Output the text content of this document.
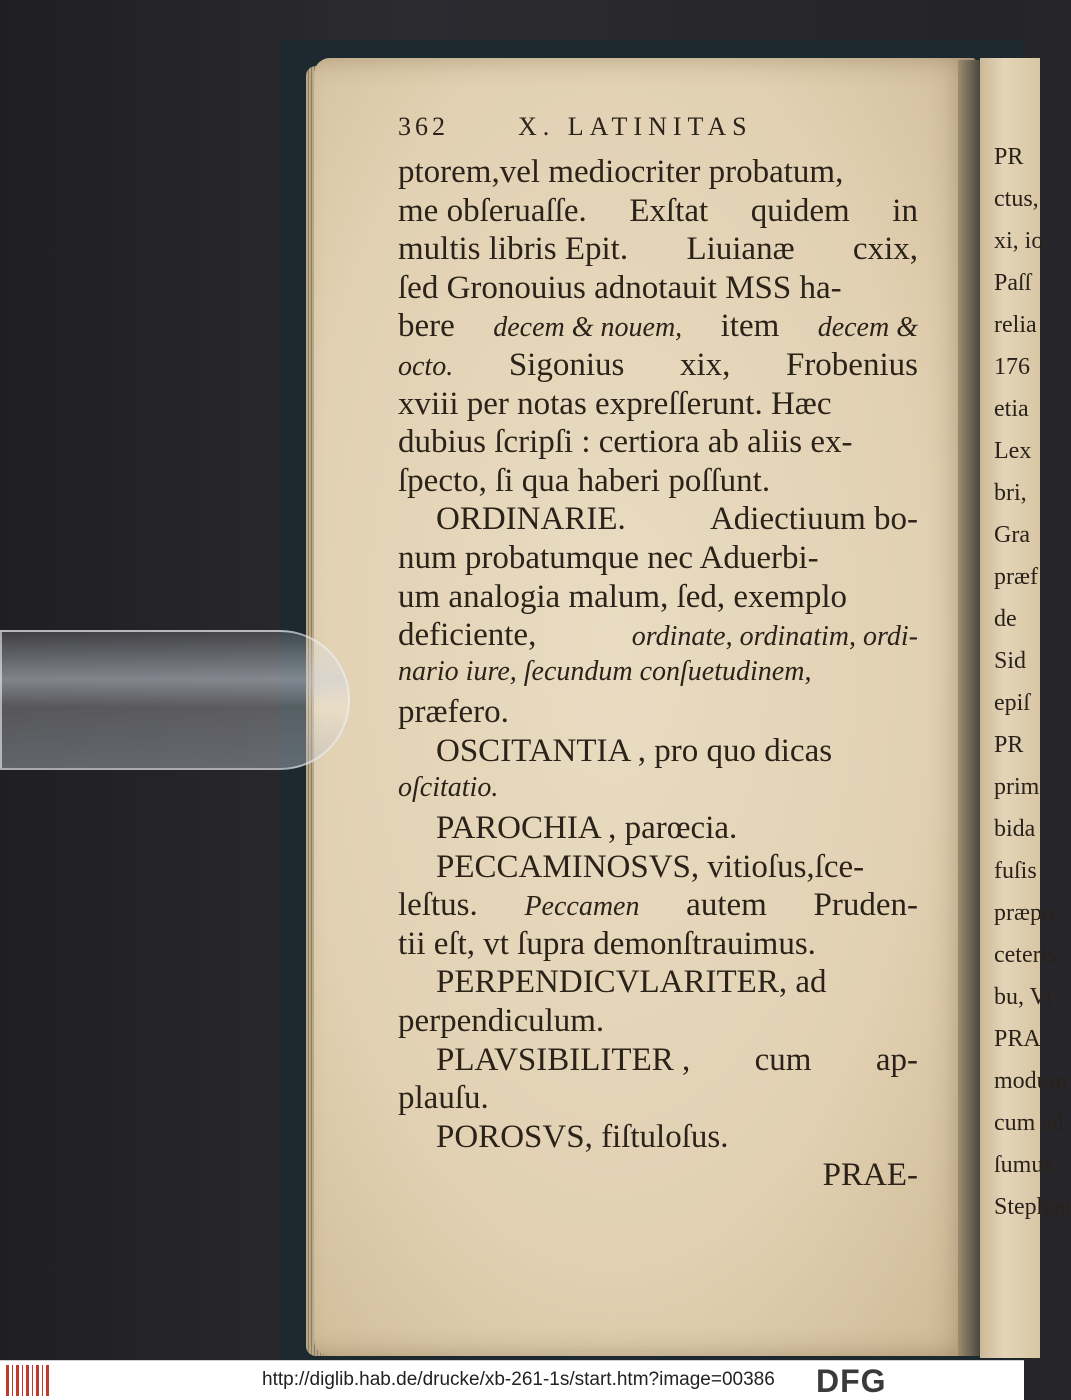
PR
ctus,
xi, io
Paſſ
relia
176
etia
Lex
bri,
Gra
præf
de
Sid
epiſ
PR
prim
bida
fuſis
præpo
ceteris
bu, Vi
PRA
modum
cum ad
ſumus
Stephan
362	X. LATINITAS
ptorem,vel mediocriter probatum,
me obſeruaſſe. Exſtat quidem in
multis libris Epit. Liuianæ cxix,
ſed Gronouius adnotauit MSS ha-
bere decem & nouem, item decem &
octo. Sigonius xix, Frobenius
xviii per notas expreſſerunt. Hæc
dubius ſcripſi : certiora ab aliis ex-
ſpecto, ſi qua haberi poſſunt.
ORDINARIE.	Adiectiuum bo-
num probatumque nec Aduerbi-
um analogia malum, ſed, exemplo
deficiente,	ordinate, ordinatim, ordi-
nario iure, ſecundum conſuetudinem,
præfero.
OSCITANTIA , pro quo dicas
oſcitatio.
PAROCHIA , parœcia.
PECCAMINOSVS, vitioſus,ſce-
leſtus. Peccamen autem Pruden-
tii eſt, vt ſupra demonſtrauimus.
PERPENDICVLARITER, ad
perpendiculum.
PLAVSIBILITER , cum ap-
plauſu.
POROSVS, fiſtuloſus.
PRAE-
http://diglib.hab.de/drucke/xb-261-1s/start.htm?image=00386 DFG
